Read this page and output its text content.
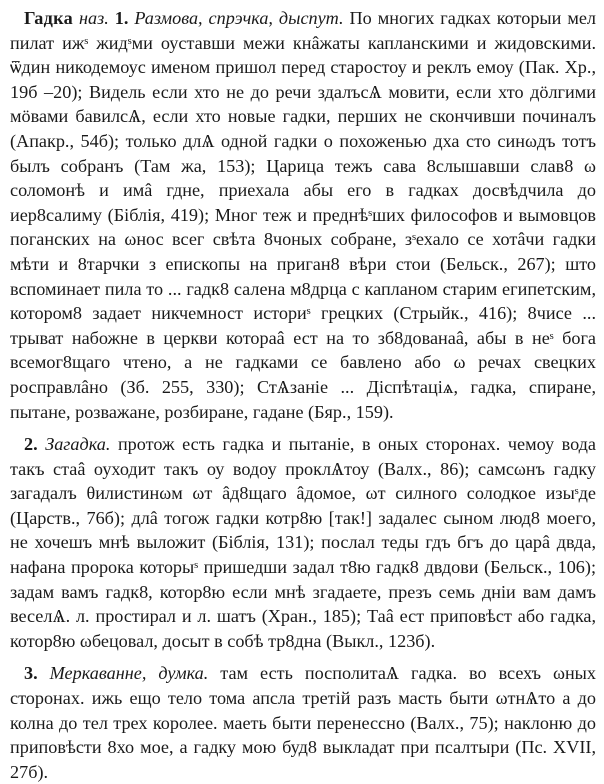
Гадка наз. 1. Размова, спрэчка, дыспут. По многих гадках которыи мел пилат ижˢ жидˢми оуставши межи кнâжаты капланскими и жидовскими. ѿдин никодемоус именом пришол перед старостоу и реклъ емоу (Пак. Хр., 19б –20); Видель если хто не до речи здалъсѦ мовити, если хто дöлгими мöвами бавилсѦ, если хто новые гадки, перших не скончивши починалъ (Апакр., 54б); только длѦ одной гадки о похоженью дха сто синωдъ тотъ былъ собранъ (Там жа, 153); Царица тежъ сава 8слышавши слав8 ω соломонѣ и имâ гдне, приехала абы его в гадках досвѣдчила до иер8салиму (Біблія, 419); Мног теж и преднѣˢших философов и вымовцов поганских на ωнос всег свѣта 8чоных собране, зˢехало се хотâчи гадки мѣти и 8тарчки з епископы на приган8 вѣри стои (Бельск., 267); што вспоминает пила то ... гадк8 салена м8дрца с капланом старим египетским, котором8 задает никчемност историˢ грецких (Стрыйк., 416); 8чисе ... трыват набожне в церкви котораâ ест на то зб8дованаâ, абы в неˢ бога всемог8щаго чтено, а не гадками се бавлено або ω речах свецких росправлâно (Зб. 255, 330); СтѦзаніе ... Діспѣтаціѧ, гадка, спиране, пытане, розважане, розбиране, гадане (Бяр., 159).

2. Загадка. протож есть гадка и пытаніе, в оных сторонах. чемоу вода такъ стаâ оуходит такъ оу водоу проклѦтоу (Валх., 86); самсωнъ гадку загадалъ θилистинωм ωт âд8щаго âдомое, ωт силного солодкое изыˢде (Царств., 76б); длâ тогож гадки котр8ю [так!] задалес сыном люд8 моего, не хочешъ мнѣ выложит (Біблія, 131); послал теды гдъ бгъ до царâ двда, нафана пророка которыˢ пришедши задал т8ю гадк8 двдови (Бельск., 106); задам вамъ гадк8, котор8ю если мнѣ згадаете, презъ семь днiи вам дамъ веселѦ. л. простирал и л. шатъ (Хран., 185); Таâ ест приповѣст або гадка, котор8ю ωбецовал, досыт в собѣ тр8дна (Выкл., 123б).

3. Меркаванне, думка. там есть посполитаѦ гадка. во всехъ ωных сторонах. ижь ещо тело тома апсла третій разъ масть быти ωтнѦто а до колна до тел трех королее. маеть быти перенессно (Валх., 75); наклоню до приповѣсти 8хо мое, а гадку мою буд8 выкладат при псалтыри (Пс. XVII, 27б).
